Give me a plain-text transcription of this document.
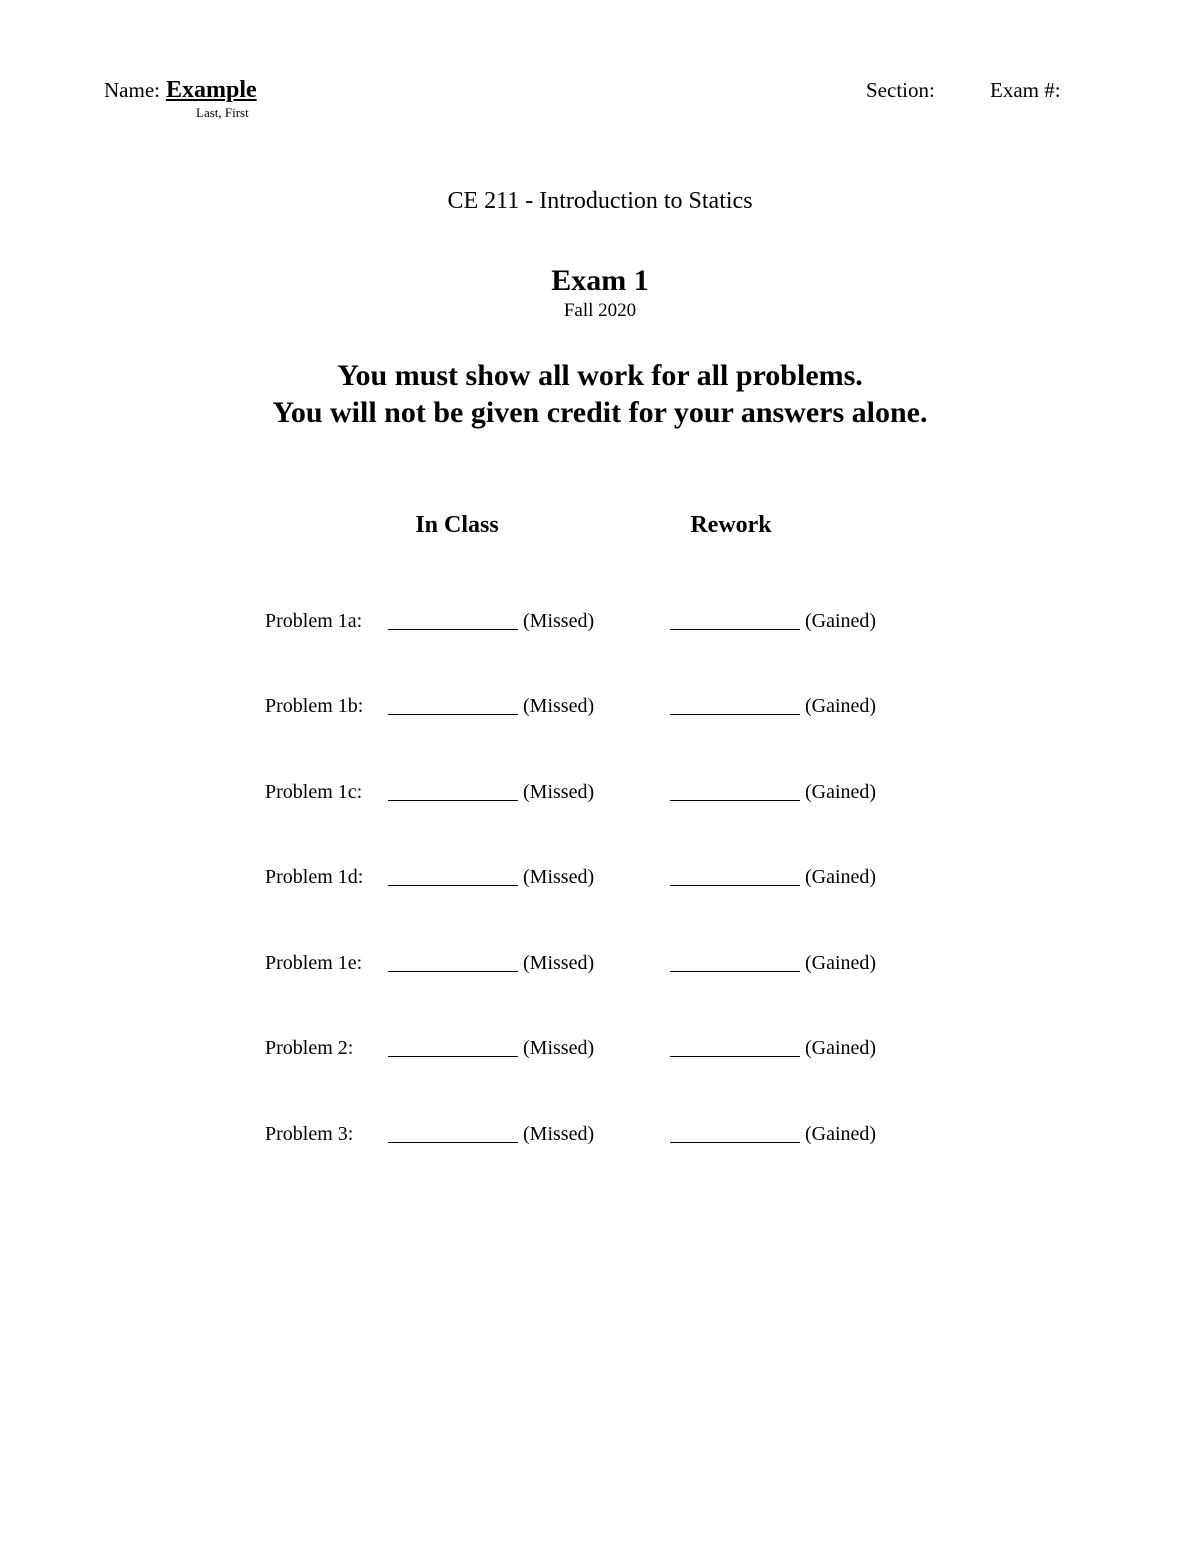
Name: Example
Last, First
Section:	Exam #:
CE 211 - Introduction to Statics
Exam 1
Fall 2020
You must show all work for all problems.
You will not be given credit for your answers alone.
In Class	Rework
Problem 1a:	(Missed)	(Gained)
Problem 1b:	(Missed)	(Gained)
Problem 1c:	(Missed)	(Gained)
Problem 1d:	(Missed)	(Gained)
Problem 1e:	(Missed)	(Gained)
Problem 2:	(Missed)	(Gained)
Problem 3:	(Missed)	(Gained)
